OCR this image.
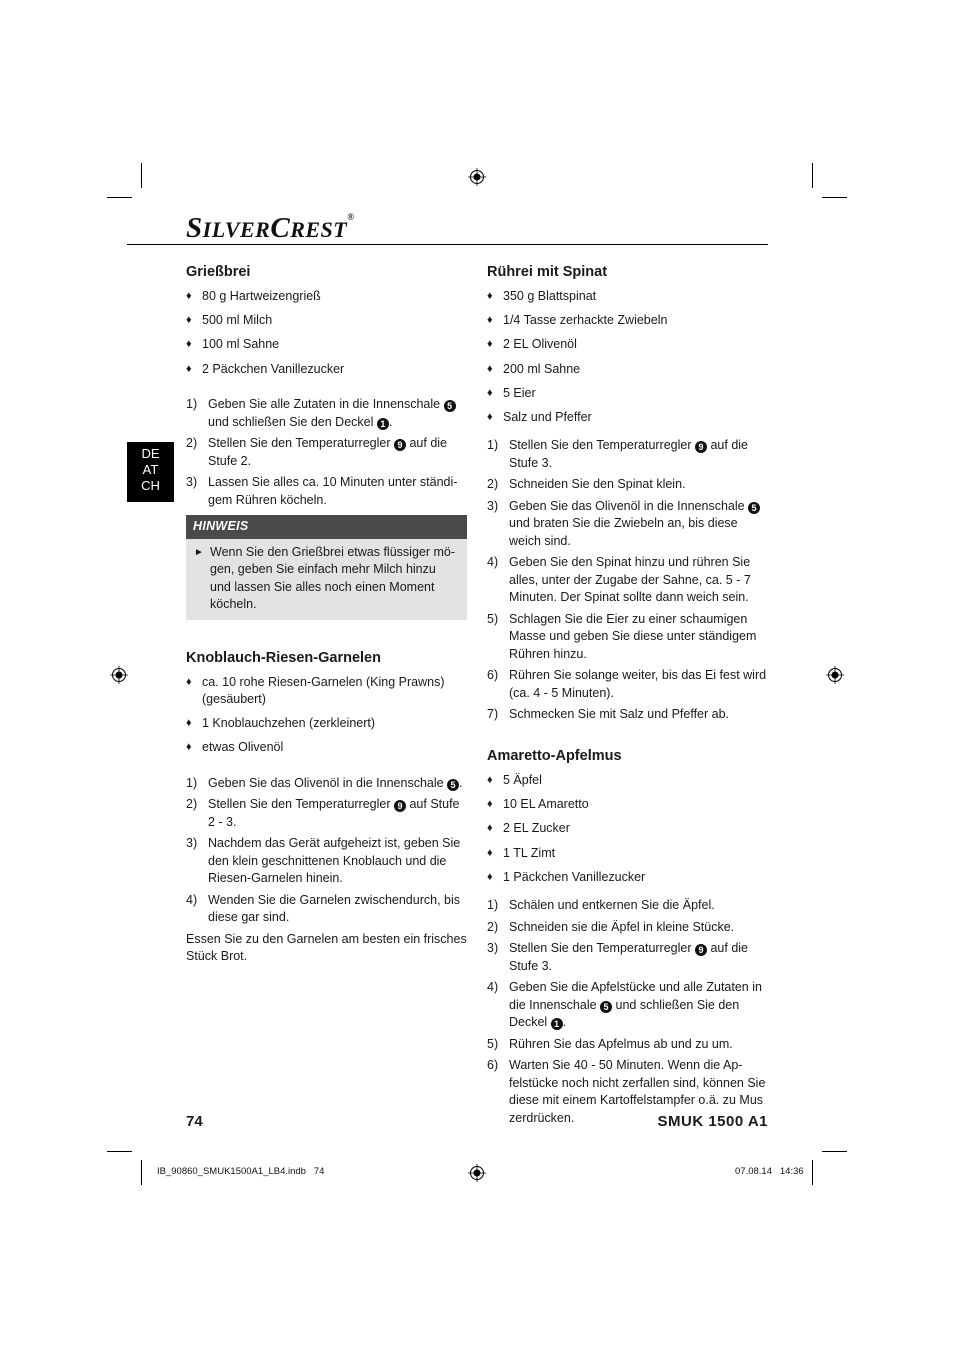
SILVERCREST®
DE
AT
CH
Grießbrei
♦ 80 g Hartweizengrieß
♦ 500 ml Milch
♦ 100 ml Sahne
♦ 2 Päckchen Vanillezucker
1) Geben Sie alle Zutaten in die Innenschale 5 und schließen Sie den Deckel 1 .
2) Stellen Sie den Temperaturregler 9 auf die Stufe 2.
3) Lassen Sie alles ca. 10 Minuten unter ständi-gem Rühren köcheln.
HINWEIS
► Wenn Sie den Grießbrei etwas flüssiger mö-gen, geben Sie einfach mehr Milch hinzu und lassen Sie alles noch einen Moment köcheln.
Knoblauch-Riesen-Garnelen
♦ ca. 10 rohe Riesen-Garnelen (King Prawns) (gesäubert)
♦ 1 Knoblauchzehen (zerkleinert)
♦ etwas Olivenöl
1) Geben Sie das Olivenöl in die Innenschale 5 .
2) Stellen Sie den Temperaturregler 9 auf Stufe 2 - 3.
3) Nachdem das Gerät aufgeheizt ist, geben Sie den klein geschnittenen Knoblauch und die Riesen-Garnelen hinein.
4) Wenden Sie die Garnelen zwischendurch, bis diese gar sind.

Essen Sie zu den Garnelen am besten ein frisches Stück Brot.

Rührei mit Spinat
♦ 350 g Blattspinat
♦ 1/4 Tasse zerhackte Zwiebeln
♦ 2 EL Olivenöl
♦ 200 ml Sahne
♦ 5 Eier
♦ Salz und Pfeffer
1) Stellen Sie den Temperaturregler 9 auf die Stufe 3.
2) Schneiden Sie den Spinat klein.
3) Geben Sie das Olivenöl in die Innenschale 5 und braten Sie die Zwiebeln an, bis diese weich sind.
4) Geben Sie den Spinat hinzu und rühren Sie alles, unter der Zugabe der Sahne, ca. 5 - 7 Minuten. Der Spinat sollte dann weich sein.
5) Schlagen Sie die Eier zu einer schaumigen Masse und geben Sie diese unter ständigem Rühren hinzu.
6) Rühren Sie solange weiter, bis das Ei fest wird (ca. 4 - 5 Minuten).
7) Schmecken Sie mit Salz und Pfeffer ab.
Amaretto-Apfelmus
♦ 5 Äpfel
♦ 10 EL Amaretto
♦ 2 EL Zucker
♦ 1 TL Zimt
♦ 1 Päckchen Vanillezucker
1) Schälen und entkernen Sie die Äpfel.
2) Schneiden sie die Äpfel in kleine Stücke.
3) Stellen Sie den Temperaturregler 9 auf die Stufe 3.
4) Geben Sie die Apfelstücke und alle Zutaten in die Innenschale 5 und schließen Sie den Deckel 1 .
5) Rühren Sie das Apfelmus ab und zu um.
6) Warten Sie 40 - 50 Minuten. Wenn die Ap-felstücke noch nicht zerfallen sind, können Sie diese mit einem Kartoffelstampfer o.ä. zu Mus zerdrücken.
74	SMUK 1500 A1
IB_90860_SMUK1500A1_LB4.indb   74	07.08.14   14:36
